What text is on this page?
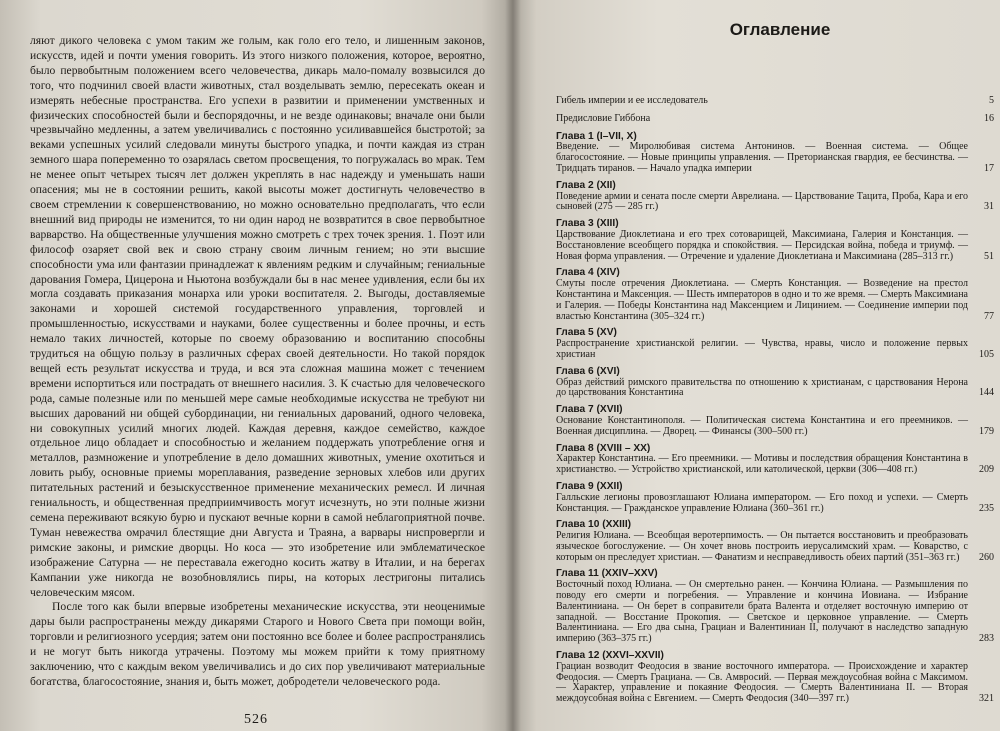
ляют дикого человека с умом таким же голым, как голо его тело, и лишенным законов, искусств, идей и почти умения говорить. Из этого низкого положения, которое, вероятно, было первобытным положением всего человечества, дикарь мало-помалу возвысился до того, что подчинил своей власти животных, стал возделывать землю, пересекать океан и измерять небесные пространства. Его успехи в развитии и применении умственных и физических способностей были и беспорядочны, и не везде одинаковы; вначале они были чрезвычайно медленны, а затем увеличивались с постоянно усиливавшейся быстротой; за веками успешных усилий следовали минуты быстрого упадка, и почти каждая из стран земного шара попеременно то озарялась светом просвещения, то погружалась во мрак. Тем не менее опыт четырех тысяч лет должен укреплять в нас надежду и уменьшать наши опасения; мы не в состоянии решить, какой высоты может достигнуть человечество в своем стремлении к совершенствованию, но можно основательно предполагать, что если внешний вид природы не изменится, то ни один народ не возвратится в свое первобытное варварство. На общественные улучшения можно смотреть с трех точек зрения. 1. Поэт или философ озаряет свой век и свою страну своим личным гением; но эти высшие способности ума или фантазии принадлежат к явлениям редким и случайным; гениальные дарования Гомера, Цицерона и Ньютона возбуждали бы в нас менее удивления, если бы их могла создавать приказания монарха или уроки воспитателя. 2. Выгоды, доставляемые законами и хорошей системой государственного управления, торговлей и промышленностью, искусствами и науками, более существенны и более прочны, и есть немало таких личностей, которые по своему образованию и воспитанию способны трудиться на общую пользу в различных сферах своей деятельности. Но такой порядок вещей есть результат искусства и труда, и вся эта сложная машина может с течением времени испортиться или пострадать от внешнего насилия. 3. К счастью для человеческого рода, самые полезные или по меньшей мере самые необходимые искусства не требуют ни высших дарований ни общей субординации, ни гениальных дарований, одного человека, ни совокупных усилий многих людей. Каждая деревня, каждое семейство, каждое отдельное лицо обладает и способностью и желанием поддержать употребление огня и металлов, размножение и употребление в дело домашних животных, умение охотиться и ловить рыбу, основные приемы мореплавания, разведение зерновых хлебов или других питательных растений и безыскусственное применение механических ремесл. И личная гениальность, и общественная предприимчивость могут исчезнуть, но эти полные жизни семена переживают всякую бурю и пускают вечные корни в самой неблагоприятной почве. Туман невежества омрачил блестящие дни Августа и Траяна, а варвары ниспровергли и римские законы, и римские дворцы. Но коса — это изобретение или эмблематическое изображение Сатурна — не переставала ежегодно косить жатву в Италии, и на берегах Кампании уже никогда не возобновлялись пиры, на которых лестригоны питались человеческим мясом.

После того как были впервые изобретены механические искусства, эти неоценимые дары были распространены между дикарями Старого и Нового Света при помощи войн, торговли и религиозного усердия; затем они постоянно все более и более распространялись и не могут быть никогда утрачены. Поэтому мы можем прийти к тому приятному заключению, что с каждым веком увеличивались и до сих пор увеличивают материальные богатства, благосостояние, знания и, быть может, добродетели человеческого рода.

526
Оглавление
Гибель империи и ее исследователь	5
Предисловие Гиббона	16
Глава 1 (I–VII, X)
Введение. — Миролюбивая система Антонинов. — Военная система. — Общее благосостояние. — Новые принципы управления. — Преторианская гвардия, ее бесчинства. — Тридцать тиранов. — Начало упадка империи	17
Глава 2 (XII)
Поведение армии и сената после смерти Аврелиана. — Царствование Тацита, Проба, Кара и его сыновей (275 — 285 гг.)	31
Глава 3 (XIII)
Царствование Диоклетиана и его трех сотоварищей, Максимиана, Галерия и Констанция. — Восстановление всеобщего порядка и спокойствия. — Персидская война, победа и триумф. — Новая форма управления. — Отречение и удаление Диоклетиана и Максимиана (285–313 гг.)	51
Глава 4 (XIV)
Смуты после отречения Диоклетиана. — Смерть Констанция. — Возведение на престол Константина и Максенция. — Шесть императоров в одно и то же время. — Смерть Максимиана и Галерия. — Победы Константина над Максенцием и Лицинием. — Соединение империи под властью Константина (305–324 гг.)	77
Глава 5 (XV)
Распространение христианской религии. — Чувства, нравы, число и положение первых христиан	105
Глава 6 (XVI)
Образ действий римского правительства по отношению к христианам, с царствования Нерона до царствования Константина	144
Глава 7 (XVII)
Основание Константинополя. — Политическая система Константина и его преемников. — Военная дисциплина. — Дворец. — Финансы (300–500 гг.)	179
Глава 8 (XVIII – XX)
Характер Константина. — Его преемники. — Мотивы и последствия обращения Константина в христианство. — Устройство христианской, или католической, церкви (306—408 гг.)	209
Глава 9 (XXII)
Галльские легионы провозглашают Юлиана императором. — Его поход и успехи. — Смерть Констанция. — Гражданское управление Юлиана (360–361 гг.)	235
Глава 10 (XXIII)
Религия Юлиана. — Всеобщая веротерпимость. — Он пытается восстановить и преобразовать языческое богослужение. — Он хочет вновь построить иерусалимский храм. — Коварство, с которым он преследует христиан. — Фанатизм и несправедливость обеих партий (351–363 гг.)	260
Глава 11 (XXIV–XXV)
Восточный поход Юлиана. — Он смертельно ранен. — Кончина Юлиана. — Размышления по поводу его смерти и погребения. — Управление и кончина Иовиана. — Избрание Валентиниана. — Он берет в соправители брата Валента и отделяет восточную империю от западной. — Восстание Прокопия. — Светское и церковное управление. — Смерть Валентиниана. — Его два сына, Грациан и Валентиниан II, получают в наследство западную империю (363–375 гг.)	283
Глава 12 (XXVI–XXVII)
Грациан возводит Феодосия в звание восточного императора. — Происхождение и характер Феодосия. — Смерть Грациана. — Св. Амвросий. — Первая междоусобная война с Максимом. — Характер, управление и покаяние Феодосия. — Смерть Валентиниана II. — Вторая междоусобная война с Евгением. — Смерть Феодосия (340—397 гг.)	321
